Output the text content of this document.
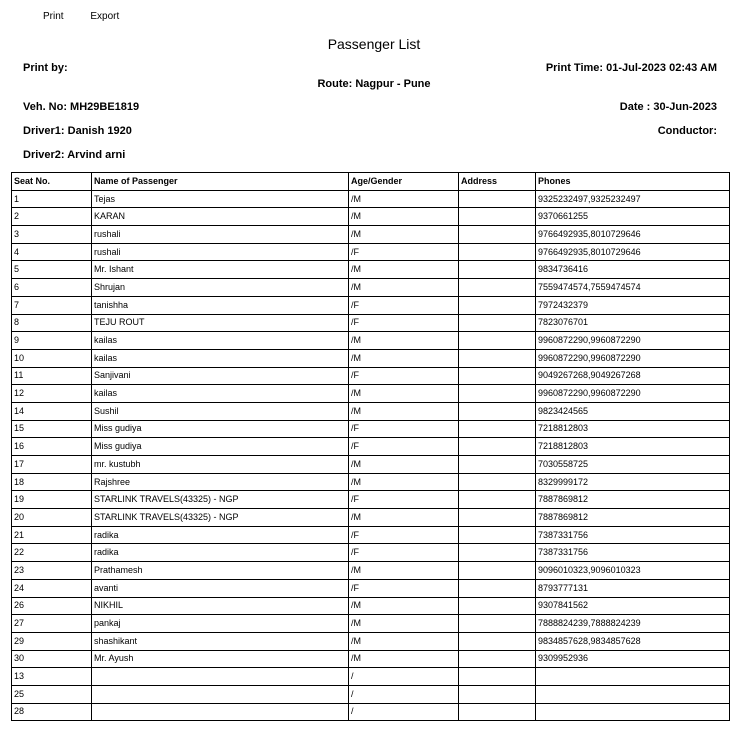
Print	Export
Passenger List
Print by:	Print Time: 01-Jul-2023 02:43 AM
Route: Nagpur - Pune
Veh. No: MH29BE1819	Date : 30-Jun-2023
Driver1: Danish 1920	Conductor:
Driver2: Arvind arni
Seat No.	Name of Passenger	Age/Gender	Address	Phones
1	Tejas	/M		9325232497,9325232497
2	KARAN	/M		9370661255
3	rushali	/M		9766492935,8010729646
4	rushali	/F		9766492935,8010729646
5	Mr. Ishant	/M		9834736416
6	Shrujan	/M		7559474574,7559474574
7	tanishha	/F		7972432379
8	TEJU ROUT	/F		7823076701
9	kailas	/M		9960872290,9960872290
10	kailas	/M		9960872290,9960872290
11	Sanjivani	/F		9049267268,9049267268
12	kailas	/M		9960872290,9960872290
14	Sushil	/M		9823424565
15	Miss gudiya	/F		7218812803
16	Miss gudiya	/F		7218812803
17	mr. kustubh	/M		7030558725
18	Rajshree	/M		8329999172
19	STARLINK TRAVELS(43325) - NGP	/F		7887869812
20	STARLINK TRAVELS(43325) - NGP	/M		7887869812
21	radika	/F		7387331756
22	radika	/F		7387331756
23	Prathamesh	/M		9096010323,9096010323
24	avanti	/F		8793777131
26	NIKHIL	/M		9307841562
27	pankaj	/M		7888824239,7888824239
29	shashikant	/M		9834857628,9834857628
30	Mr. Ayush	/M		9309952936
13		/		
25		/		
28		/		
